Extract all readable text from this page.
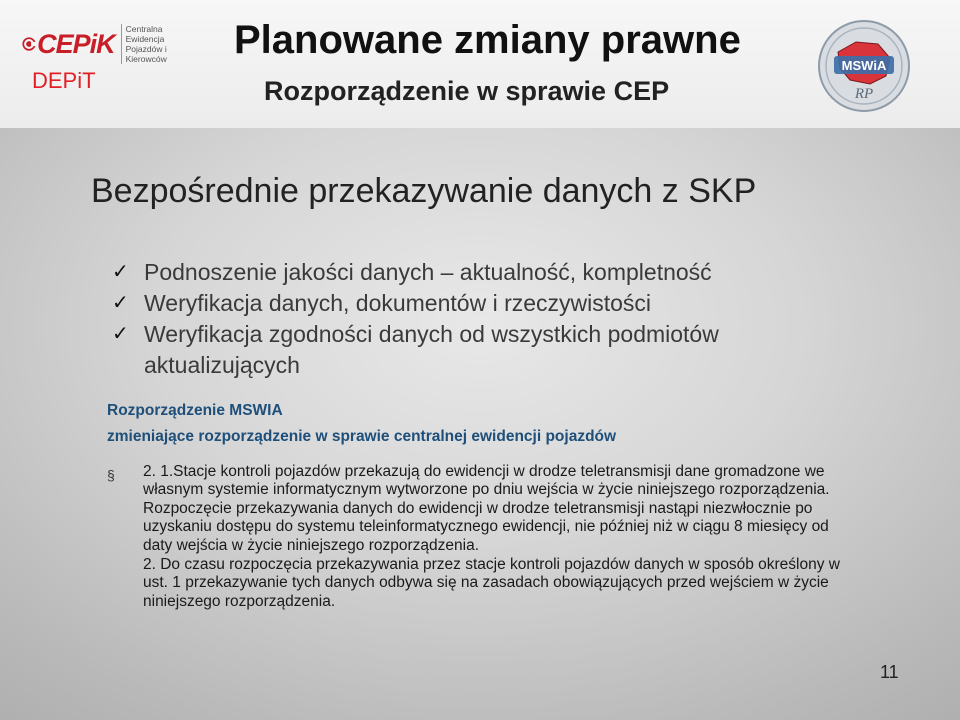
CEPiK	Centralna Ewidencja Pojazdów i Kierowców
DEPiT
Planowane zmiany prawne
Rozporządzenie w sprawie CEP
MSWiA
RP
Bezpośrednie przekazywanie danych z SKP
✓ Podnoszenie jakości danych – aktualność, kompletność
✓ Weryfikacja danych, dokumentów i rzeczywistości
✓ Weryfikacja zgodności danych od wszystkich podmiotów aktualizujących
Rozporządzenie MSWIA
zmieniające rozporządzenie w sprawie centralnej ewidencji pojazdów
§ 2. 1.Stacje kontroli pojazdów przekazują do ewidencji w drodze teletransmisji dane gromadzone we własnym systemie informatycznym wytworzone po dniu wejścia w życie niniejszego rozporządzenia. Rozpoczęcie przekazywania danych do ewidencji w drodze teletransmisji nastąpi niezwłocznie po uzyskaniu dostępu do systemu teleinformatycznego ewidencji, nie później niż w ciągu 8 miesięcy od daty wejścia w życie niniejszego rozporządzenia.

2. Do czasu rozpoczęcia przekazywania przez stacje kontroli pojazdów danych w sposób określony w ust. 1 przekazywanie tych danych odbywa się na zasadach obowiązujących przed wejściem w życie niniejszego rozporządzenia.

11
